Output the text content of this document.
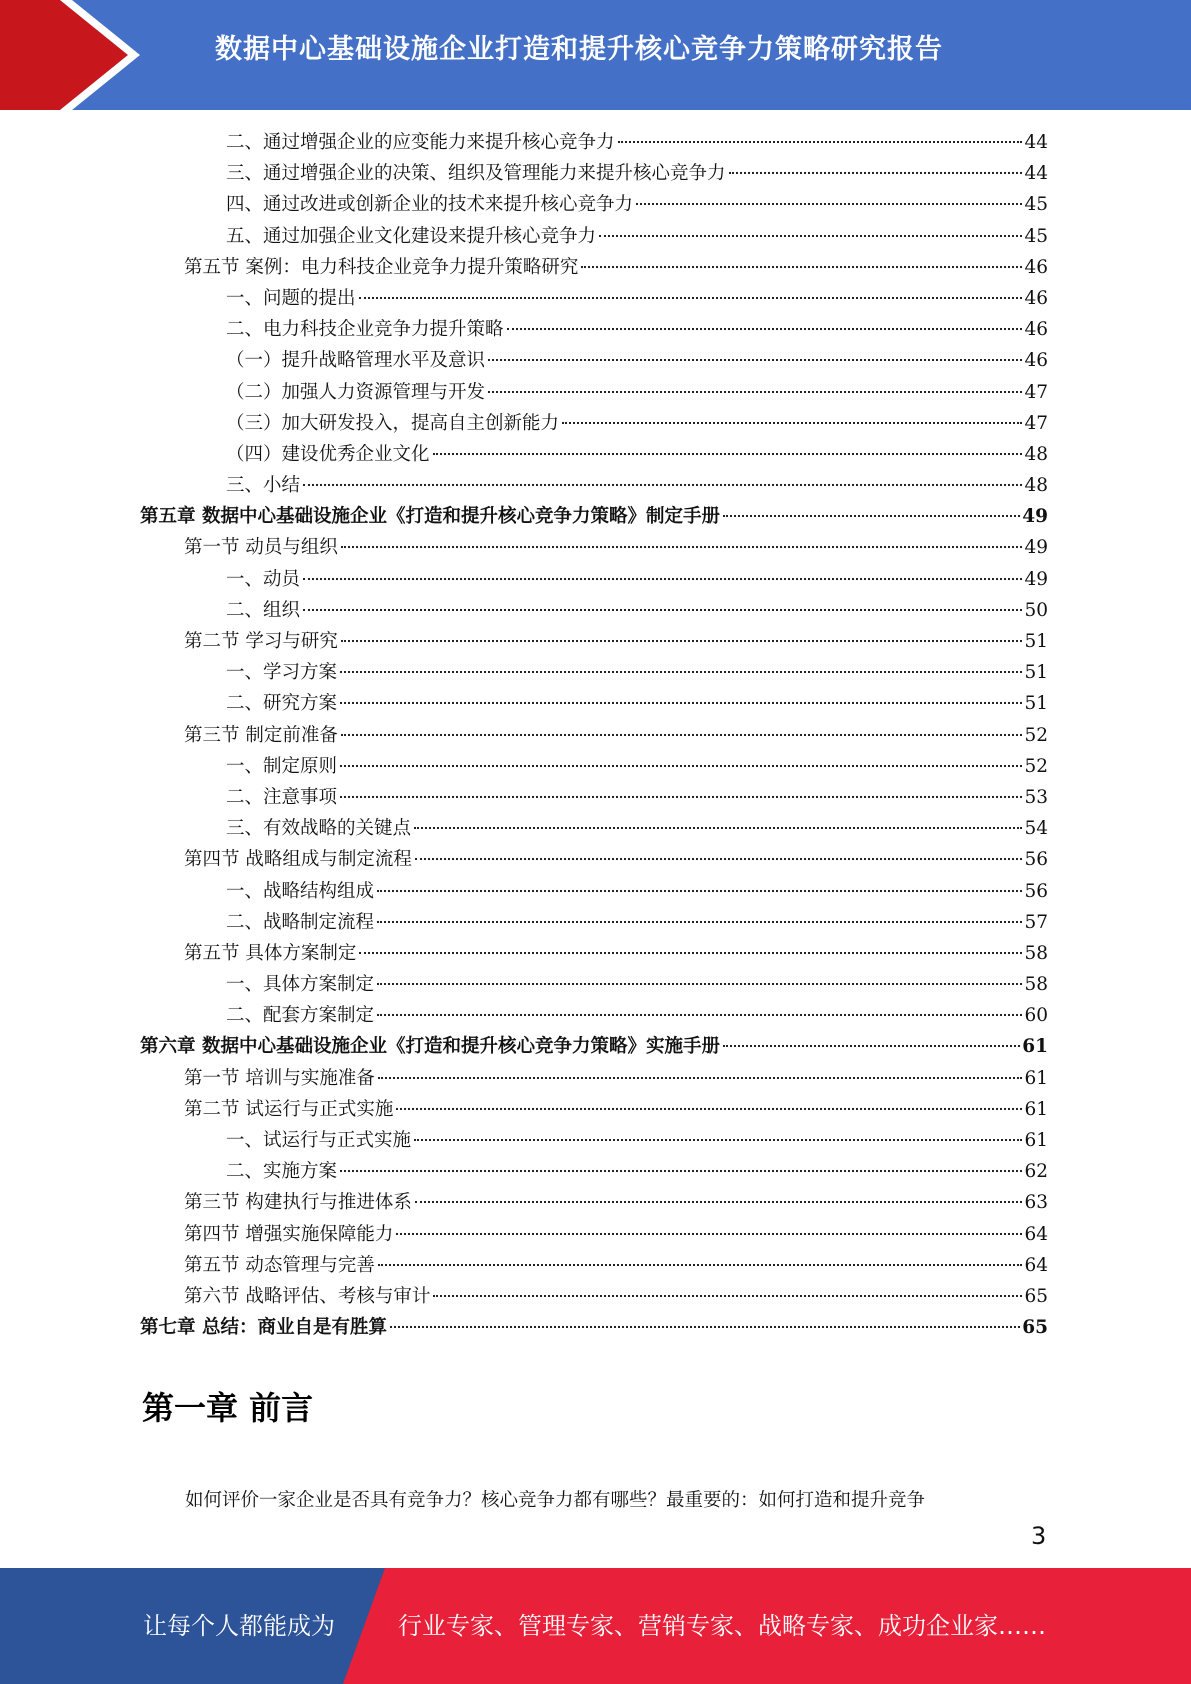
数据中心基础设施企业打造和提升核心竞争力策略研究报告
二、通过增强企业的应变能力来提升核心竞争力	44
三、通过增强企业的决策、组织及管理能力来提升核心竞争力	44
四、通过改进或创新企业的技术来提升核心竞争力	45
五、通过加强企业文化建设来提升核心竞争力	45
第五节 案例：电力科技企业竞争力提升策略研究	46
一、问题的提出	46
二、电力科技企业竞争力提升策略	46
（一）提升战略管理水平及意识	46
（二）加强人力资源管理与开发	47
（三）加大研发投入，提高自主创新能力	47
（四）建设优秀企业文化	48
三、小结	48
第五章 数据中心基础设施企业《打造和提升核心竞争力策略》制定手册	49
第一节 动员与组织	49
一、动员	49
二、组织	50
第二节 学习与研究	51
一、学习方案	51
二、研究方案	51
第三节 制定前准备	52
一、制定原则	52
二、注意事项	53
三、有效战略的关键点	54
第四节 战略组成与制定流程	56
一、战略结构组成	56
二、战略制定流程	57
第五节 具体方案制定	58
一、具体方案制定	58
二、配套方案制定	60
第六章 数据中心基础设施企业《打造和提升核心竞争力策略》实施手册	61
第一节 培训与实施准备	61
第二节 试运行与正式实施	61
一、试运行与正式实施	61
二、实施方案	62
第三节 构建执行与推进体系	63
第四节 增强实施保障能力	64
第五节 动态管理与完善	64
第六节 战略评估、考核与审计	65
第七章 总结：商业自是有胜算	65
第一章 前言
如何评价一家企业是否具有竞争力？核心竞争力都有哪些？最重要的：如何打造和提升竞争
3
让每个人都能成为	行业专家、管理专家、营销专家、战略专家、成功企业家……
